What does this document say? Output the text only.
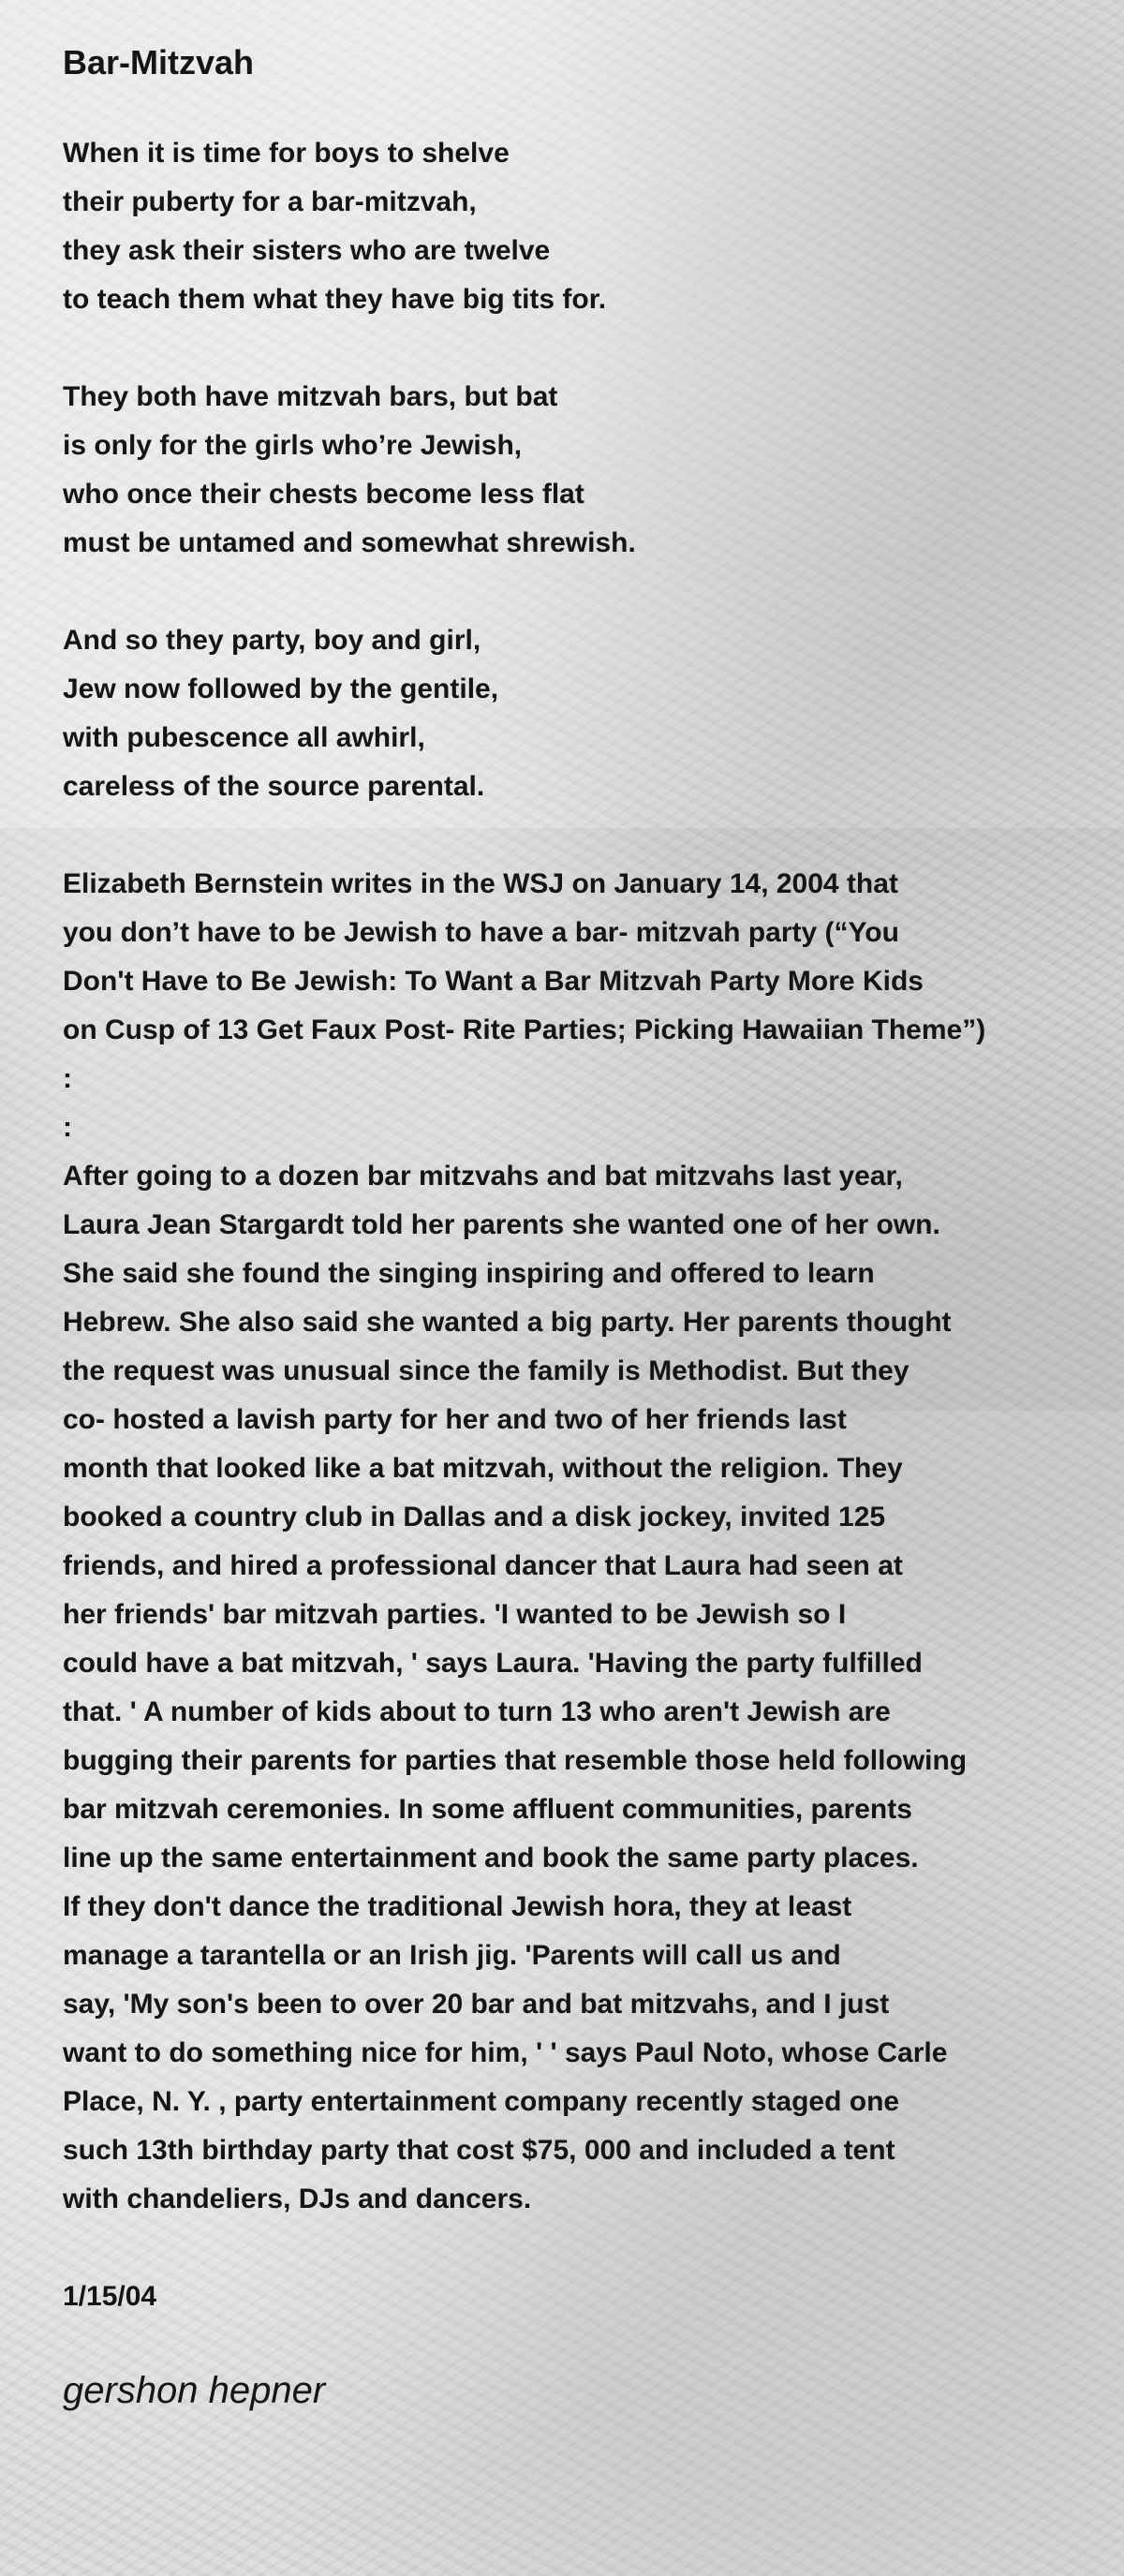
Bar-Mitzvah
When it is time for boys to shelve
their puberty for a bar-mitzvah,
they ask their sisters who are twelve
to teach them what they have big tits for.
They both have mitzvah bars, but bat
is only for the girls who’re Jewish,
who once their chests become less flat
must be untamed and somewhat shrewish.
And so they party, boy and girl,
Jew now followed by the gentile,
with pubescence all awhirl,
careless of the source parental.
Elizabeth Bernstein writes in the WSJ on January 14, 2004 that
you don’t have to be Jewish to have a bar- mitzvah party (“You
Don't Have to Be Jewish: To Want a Bar Mitzvah Party More Kids
on Cusp of 13 Get Faux Post- Rite Parties; Picking Hawaiian Theme”)
:
:
After going to a dozen bar mitzvahs and bat mitzvahs last year,
Laura Jean Stargardt told her parents she wanted one of her own.
She said she found the singing inspiring and offered to learn
Hebrew. She also said she wanted a big party. Her parents thought
the request was unusual since the family is Methodist. But they
co- hosted a lavish party for her and two of her friends last
month that looked like a bat mitzvah, without the religion. They
booked a country club in Dallas and a disk jockey, invited 125
friends, and hired a professional dancer that Laura had seen at
her friends' bar mitzvah parties. 'I wanted to be Jewish so I
could have a bat mitzvah, ' says Laura. 'Having the party fulfilled
that. ' A number of kids about to turn 13 who aren't Jewish are
bugging their parents for parties that resemble those held following
bar mitzvah ceremonies. In some affluent communities, parents
line up the same entertainment and book the same party places.
If they don't dance the traditional Jewish hora, they at least
manage a tarantella or an Irish jig. 'Parents will call us and
say, 'My son's been to over 20 bar and bat mitzvahs, and I just
want to do something nice for him, ' ' says Paul Noto, whose Carle
Place, N. Y. , party entertainment company recently staged one
such 13th birthday party that cost $75, 000 and included a tent
with chandeliers, DJs and dancers.
1/15/04
gershon hepner
